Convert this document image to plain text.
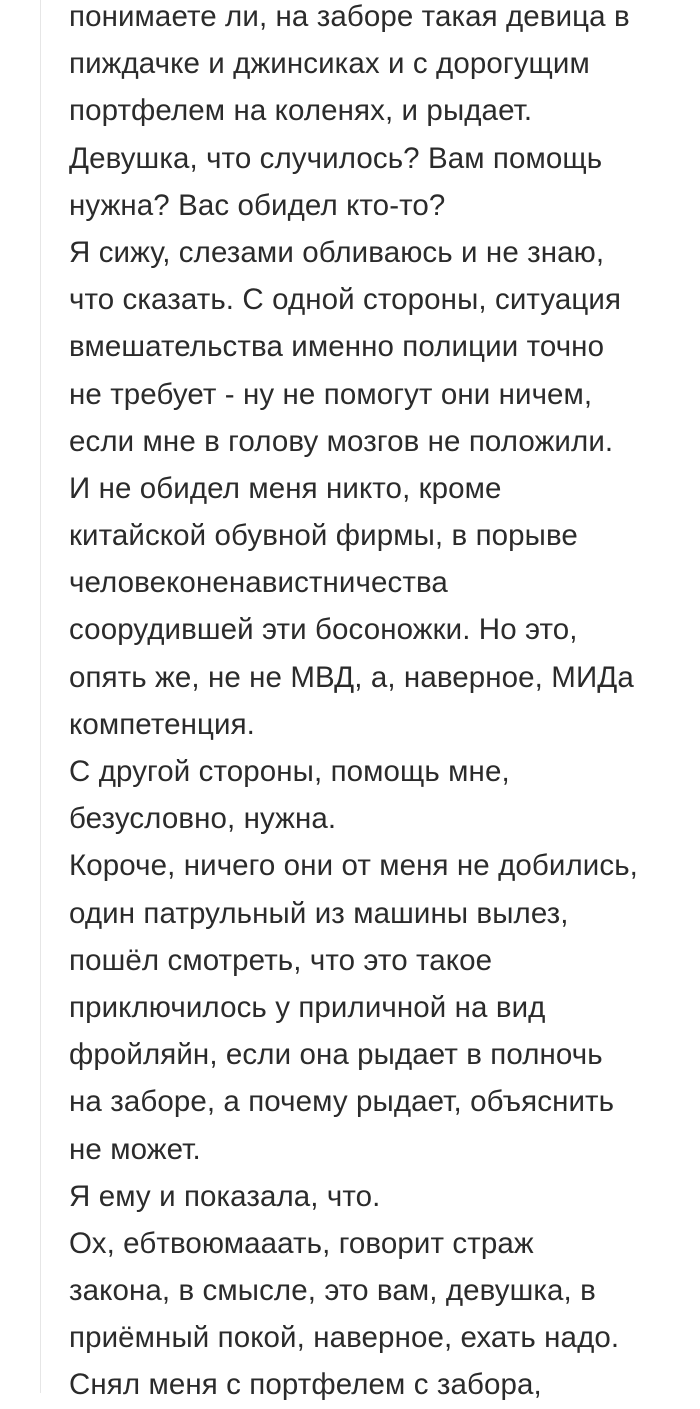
понимаете ли, на заборе такая девица в
пиждачке и джинсиках и с дорогущим
портфелем на коленях, и рыдает.
Девушка, что случилось? Вам помощь
нужна? Вас обидел кто-то?
Я сижу, слезами обливаюсь и не знаю,
что сказать. С одной стороны, ситуация
вмешательства именно полиции точно
не требует - ну не помогут они ничем,
если мне в голову мозгов не положили.
И не обидел меня никто, кроме
китайской обувной фирмы, в порыве
человеконенавистничества
соорудившей эти босоножки. Но это,
опять же, не не МВД, а, наверное, МИДа
компетенция.
С другой стороны, помощь мне,
безусловно, нужна.
Короче, ничего они от меня не добились,
один патрульный из машины вылез,
пошёл смотреть, что это такое
приключилось у приличной на вид
фройляйн, если она рыдает в полночь
на заборе, а почему рыдает, объяснить
не может.
Я ему и показала, что.
Ох, ебтвоюмааать, говорит страж
закона, в смысле, это вам, девушка, в
приёмный покой, наверное, ехать надо.
Снял меня с портфелем с забора,
